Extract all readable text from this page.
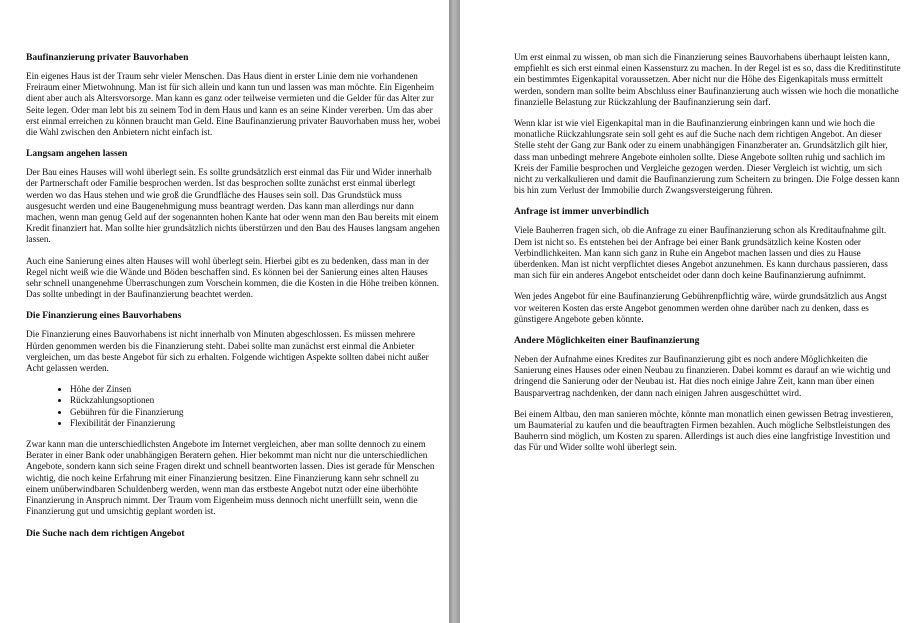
Baufinanzierung privater Bauvorhaben

Ein eigenes Haus ist der Traum sehr vieler Menschen. Das Haus dient in erster Linie dem nie vorhandenen Freiraum einer Mietwohnung. Man ist für sich allein und kann tun und lassen was man möchte. Ein Eigenheim dient aber auch als Altersvorsorge. Man kann es ganz oder teilweise vermieten und die Gelder für das Alter zur Seite legen. Oder man lebt bis zu seinem Tod in dem Haus und kann es an seine Kinder vererben. Um das aber erst einmal erreichen zu können braucht man Geld. Eine Baufinanzierung privater Bauvorhaben muss her, wobei die Wahl zwischen den Anbietern nicht einfach ist.

Langsam angehen lassen

Der Bau eines Hauses will wohl überlegt sein. Es sollte grundsätzlich erst einmal das Für und Wider innerhalb der Partnerschaft oder Familie besprochen werden. Ist das besprochen sollte zunächst erst einmal überlegt werden wo das Haus stehen und wie groß die Grundfläche des Hauses sein soll. Das Grundstück muss ausgesucht werden und eine Baugenehmigung muss beantragt werden. Das kann man allerdings nur dann machen, wenn man genug Geld auf der sogenannten hohen Kante hat oder wenn man den Bau bereits mit einem Kredit finanziert hat. Man sollte hier grundsätzlich nichts überstürzen und den Bau des Hauses langsam angehen lassen.

Auch eine Sanierung eines alten Hauses will wohl überlegt sein. Hierbei gibt es zu bedenken, dass man in der Regel nicht weiß wie die Wände und Böden beschaffen sind. Es können bei der Sanierung eines alten Hauses sehr schnell unangenehme Überraschungen zum Vorschein kommen, die die Kosten in die Höhe treiben können. Das sollte unbedingt in der Baufinanzierung beachtet werden.

Die Finanzierung eines Bauvorhabens

Die Finanzierung eines Bauvorhabens ist nicht innerhalb von Minuten abgeschlossen. Es müssen mehrere Hürden genommen werden bis die Finanzierung steht. Dabei sollte man zunächst erst einmal die Anbieter vergleichen, um das beste Angebot für sich zu erhalten. Folgende wichtigen Aspekte sollten dabei nicht außer Acht gelassen werden.

• Höhe der Zinsen
• Rückzahlungsoptionen
• Gebühren für die Finanzierung
• Flexibilität der Finanzierung

Zwar kann man die unterschiedlichsten Angebote im Internet vergleichen, aber man sollte dennoch zu einem Berater in einer Bank oder unabhängigen Beratern gehen. Hier bekommt man nicht nur die unterschiedlichen Angebote, sondern kann sich seine Fragen direkt und schnell beantworten lassen. Dies ist gerade für Menschen wichtig, die noch keine Erfahrung mit einer Finanzierung besitzen. Eine Finanzierung kann sehr schnell zu einem unüberwindbaren Schuldenberg werden, wenn man das erstbeste Angebot nutzt oder eine überhöhte Finanzierung in Anspruch nimmt. Der Traum vom Eigenheim muss dennoch nicht unerfüllt sein, wenn die Finanzierung gut und umsichtig geplant worden ist.

Die Suche nach dem richtigen Angebot

Um erst einmal zu wissen, ob man sich die Finanzierung seines Bauvorhabens überhaupt leisten kann, empfiehlt es sich erst einmal einen Kassensturz zu machen. In der Regel ist es so, dass die Kreditinstitute ein bestimmtes Eigenkapital voraussetzen. Aber nicht nur die Höhe des Eigenkapitals muss ermittelt werden, sondern man sollte beim Abschluss einer Baufinanzierung auch wissen wie hoch die monatliche finanzielle Belastung zur Rückzahlung der Baufinanzierung sein darf.

Wenn klar ist wie viel Eigenkapital man in die Baufinanzierung einbringen kann und wie hoch die monatliche Rückzahlungsrate sein soll geht es auf die Suche nach dem richtigen Angebot. An dieser Stelle steht der Gang zur Bank oder zu einem unabhängigen Finanzberater an. Grundsätzlich gilt hier, dass man unbedingt mehrere Angebote einholen sollte. Diese Angebote sollten ruhig und sachlich im Kreis der Familie besprochen und Vergleiche gezogen werden. Dieser Vergleich ist wichtig, um sich nicht zu verkalkulieren und damit die Baufinanzierung zum Scheitern zu bringen. Die Folge dessen kann bis hin zum Verlust der Immobilie durch Zwangsversteigerung führen.

Anfrage ist immer unverbindlich

Viele Bauherren fragen sich, ob die Anfrage zu einer Baufinanzierung schon als Kreditaufnahme gilt. Dem ist nicht so. Es entstehen bei der Anfrage bei einer Bank grundsätzlich keine Kosten oder Verbindlichkeiten. Man kann sich ganz in Ruhe ein Angebot machen lassen und dies zu Hause überdenken. Man ist nicht verpflichtet dieses Angebot anzunehmen. Es kann durchaus passieren, dass man sich für ein anderes Angebot entscheidet oder dann doch keine Baufinanzierung aufnimmt.

Wen jedes Angebot für eine Baufinanzierung Gebührenpflichtig wäre, würde grundsätzlich aus Angst vor weiteren Kosten das erste Angebot genommen werden ohne darüber nach zu denken, dass es günstigere Angebote geben könnte.

Andere Möglichkeiten einer Baufinanzierung

Neben der Aufnahme eines Kredites zur Baufinanzierung gibt es noch andere Möglichkeiten die Sanierung eines Hauses oder einen Neubau zu finanzieren. Dabei kommt es darauf an wie wichtig und dringend die Sanierung oder der Neubau ist. Hat dies noch einige Jahre Zeit, kann man über einen Bausparvertrag nachdenken, der dann nach einigen Jahren ausgeschüttet wird.

Bei einem Altbau, den man sanieren möchte, könnte man monatlich einen gewissen Betrag investieren, um Baumaterial zu kaufen und die beauftragten Firmen bezahlen. Auch mögliche Selbstleistungen des Bauherrn sind möglich, um Kosten zu sparen. Allerdings ist auch dies eine langfristige Investition und das Für und Wider sollte wohl überlegt sein.
